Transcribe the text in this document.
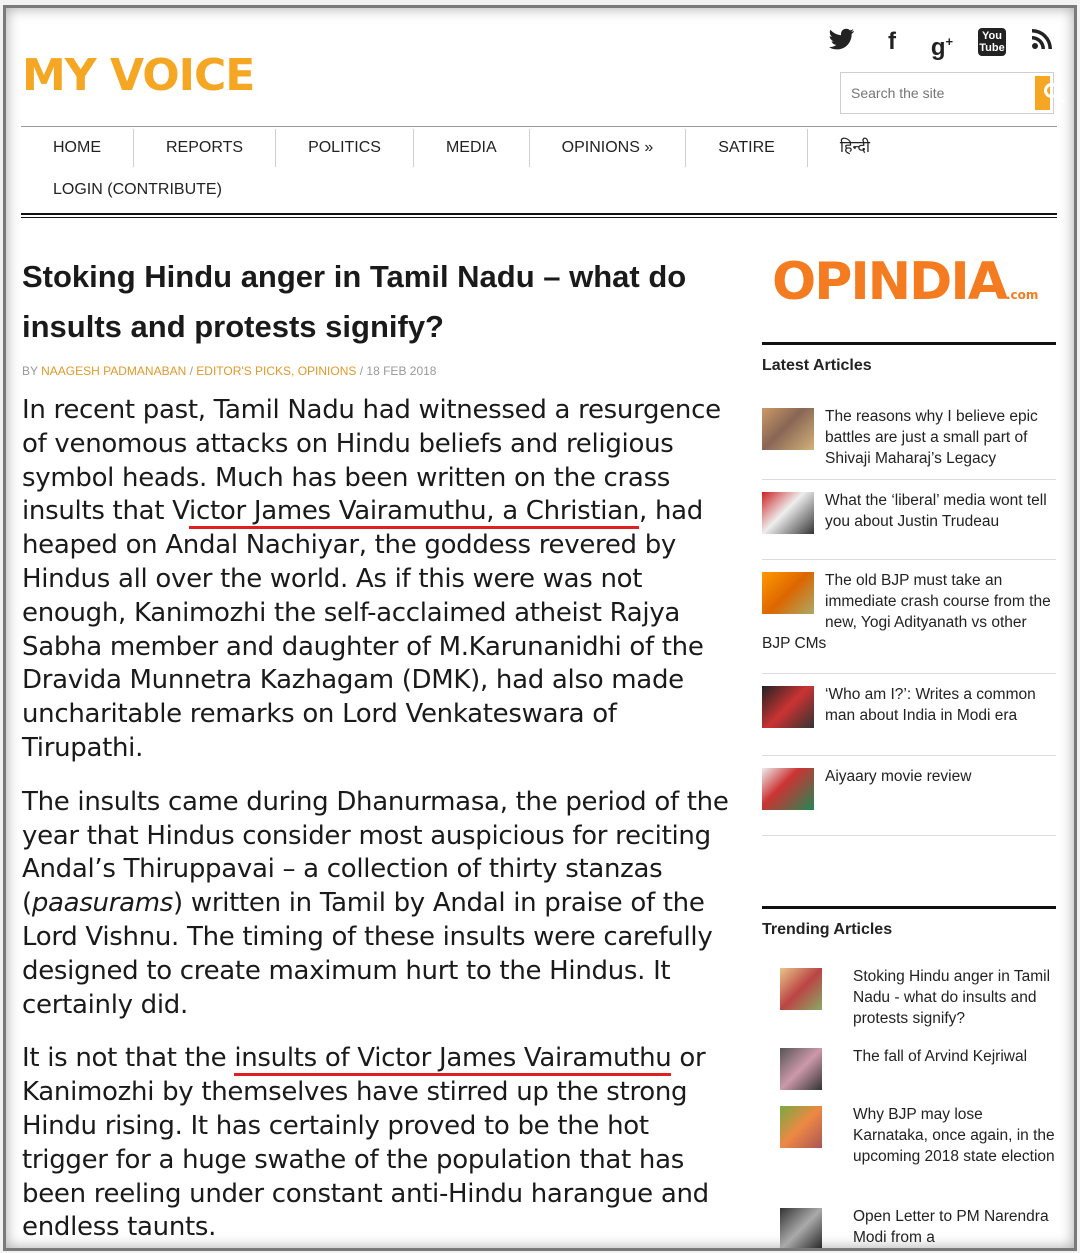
MY VOICE
f	g+	You Tube
Search the site
HOME	REPORTS	POLITICS	MEDIA	OPINIONS »	SATIRE	हिन्दी
LOGIN (CONTRIBUTE)
Stoking Hindu anger in Tamil Nadu – what do insults and protests signify?
BY NAAGESH PADMANABAN / EDITOR'S PICKS, OPINIONS / 18 FEB 2018

In recent past, Tamil Nadu had witnessed a resurgence of venomous attacks on Hindu beliefs and religious symbol heads. Much has been written on the crass insults that Victor James Vairamuthu, a Christian, had heaped on Andal Nachiyar, the goddess revered by Hindus all over the world. As if this were was not enough, Kanimozhi the self-acclaimed atheist Rajya Sabha member and daughter of M.Karunanidhi of the Dravida Munnetra Kazhagam (DMK), had also made uncharitable remarks on Lord Venkateswara of Tirupathi.

The insults came during Dhanurmasa, the period of the year that Hindus consider most auspicious for reciting Andal’s Thiruppavai – a collection of thirty stanzas (paasurams) written in Tamil by Andal in praise of the Lord Vishnu. The timing of these insults were carefully designed to create maximum hurt to the Hindus. It certainly did.

It is not that the insults of Victor James Vairamuthu or Kanimozhi by themselves have stirred up the strong Hindu rising. It has certainly proved to be the hot trigger for a huge swathe of the population that has been reeling under constant anti-Hindu harangue and endless taunts.

OPINDIA.com
Latest Articles
The reasons why I believe epic battles are just a small part of Shivaji Maharaj’s Legacy
What the ‘liberal’ media wont tell you about Justin Trudeau
The old BJP must take an immediate crash course from the new, Yogi Adityanath vs other BJP CMs
‘Who am I?’: Writes a common man about India in Modi era
Aiyaary movie review
Trending Articles
Stoking Hindu anger in Tamil Nadu - what do insults and protests signify?
The fall of Arvind Kejriwal
Why BJP may lose Karnataka, once again, in the upcoming 2018 state election
Open Letter to PM Narendra Modi from a
